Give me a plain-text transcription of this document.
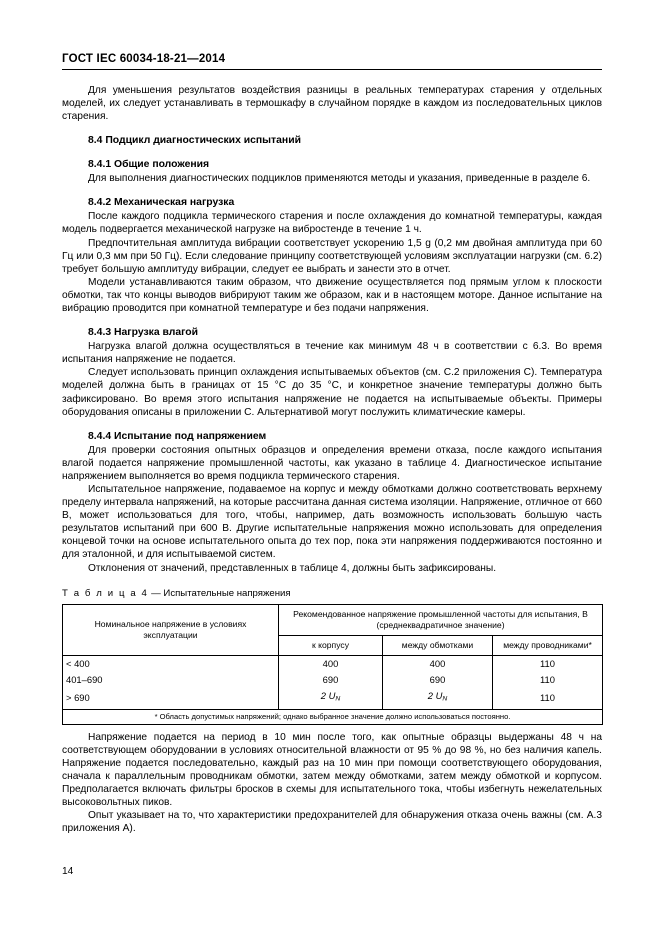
ГОСТ IEC 60034-18-21—2014

Для уменьшения результатов воздействия разницы в реальных температурах старения у отдельных моделей, их следует устанавливать в термошкафу в случайном порядке в каждом из последовательных циклов старения.

8.4 Подцикл диагностических испытаний
8.4.1 Общие положения

Для выполнения диагностических подциклов применяются методы и указания, приведенные в разделе 6.

8.4.2 Механическая нагрузка

После каждого подцикла термического старения и после охлаждения до комнатной температуры, каждая модель подвергается механической нагрузке на вибростенде в течение 1 ч.

Предпочтительная амплитуда вибрации соответствует ускорению 1,5 g (0,2 мм двойная амплитуда при 60 Гц или 0,3 мм при 50 Гц). Если следование принципу соответствующей условиям эксплуатации нагрузки (см. 6.2) требует большую амплитуду вибрации, следует ее выбрать и занести это в отчет.

Модели устанавливаются таким образом, что движение осуществляется под прямым углом к плоскости обмотки, так что концы выводов вибрируют таким же образом, как и в настоящем моторе. Данное испытание на вибрацию проводится при комнатной температуре и без подачи напряжения.

8.4.3 Нагрузка влагой

Нагрузка влагой должна осуществляться в течение как минимум 48 ч в соответствии с 6.3. Во время испытания напряжение не подается.

Следует использовать принцип охлаждения испытываемых объектов (см. С.2 приложения С). Температура моделей должна быть в границах от 15 °С до 35 °С, и конкретное значение температуры должно быть зафиксировано. Во время этого испытания напряжение не подается на испытываемые объекты. Примеры оборудования описаны в приложении С. Альтернативой могут послужить климатические камеры.

8.4.4 Испытание под напряжением

Для проверки состояния опытных образцов и определения времени отказа, после каждого испытания влагой подается напряжение промышленной частоты, как указано в таблице 4. Диагностическое испытание напряжением выполняется во время подцикла термического старения.

Испытательное напряжение, подаваемое на корпус и между обмотками должно соответствовать верхнему пределу интервала напряжений, на которые рассчитана данная система изоляции. Напряжение, отличное от 660 В, может использоваться для того, чтобы, например, дать возможность использовать большую часть результатов испытаний при 600 В. Другие испытательные напряжения можно использовать для определения концевой точки на основе испытательного опыта до тех пор, пока эти напряжения поддерживаются постоянно и для эталонной, и для испытываемой систем.

Отклонения от значений, представленных в таблице 4, должны быть зафиксированы.

Т а б л и ц а 4 — Испытательные напряжения
Номинальное напряжение в условиях эксплуатации	Рекомендованное напряжение промышленной частоты для испытания, В (среднеквадратичное значение)		
	к корпусу	между обмотками	между проводниками*
< 400	400	400	110
401–690	690	690	110
> 690	2 $U_N$	2 $U_N$	110
* Область допустимых напряжений; однако выбранное значение должно использоваться постоянно.			

Напряжение подается на период в 10 мин после того, как опытные образцы выдержаны 48 ч на соответствующем оборудовании в условиях относительной влажности от 95 % до 98 %, но без наличия капель. Напряжение подается последовательно, каждый раз на 10 мин при помощи соответствующего оборудования, сначала к параллельным проводникам обмотки, затем между обмотками, затем между обмоткой и корпусом. Предполагается включать фильтры бросков в схемы для испытательного тока, чтобы избегнуть нежелательных высоковольтных пиков.

Опыт указывает на то, что характеристики предохранителей для обнаружения отказа очень важны (см. А.3 приложения А).

14
